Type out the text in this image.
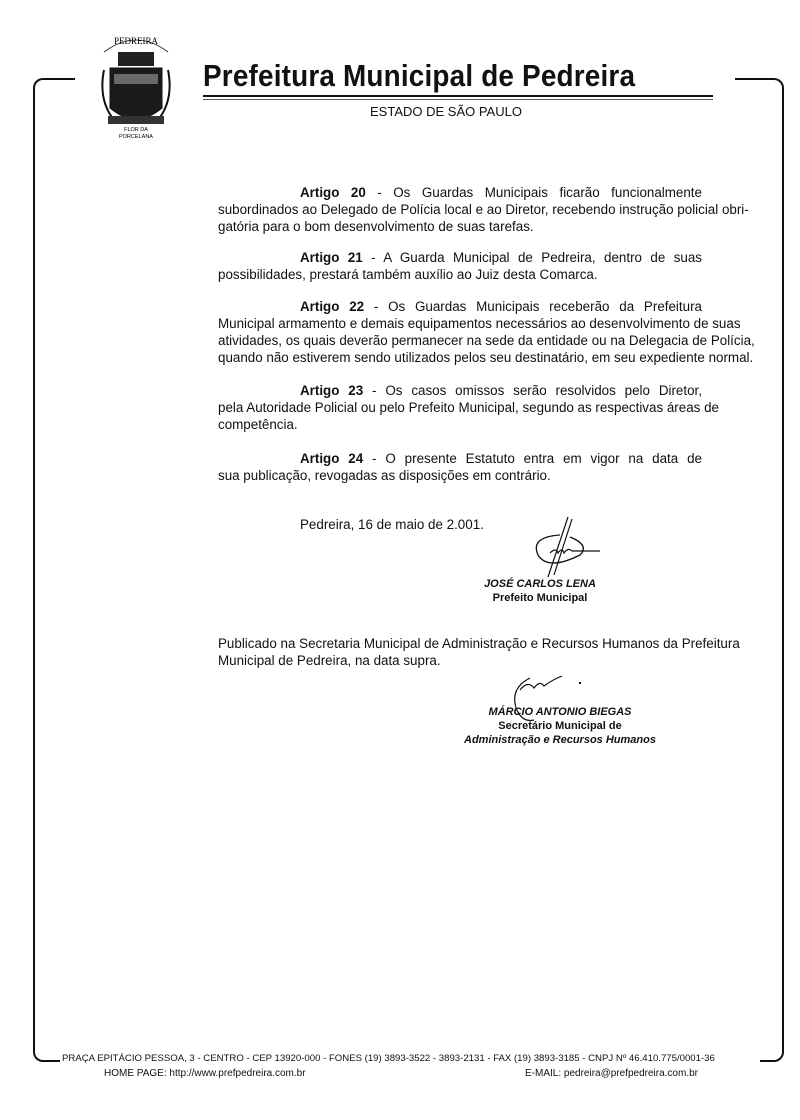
PEDREIRA
FLOR DA
PORCELANA
Prefeitura Municipal de Pedreira
ESTADO DE SÃO PAULO
Artigo 20 - Os Guardas Municipais ficarão funcionalmente
subordinados ao Delegado de Polícia local e ao Diretor, recebendo instrução policial obri-
gatória para o bom desenvolvimento de suas tarefas.
Artigo 21 - A Guarda Municipal de Pedreira, dentro de suas
possibilidades, prestará também auxílio ao Juiz desta Comarca.
Artigo 22 - Os Guardas Municipais receberão da Prefeitura
Municipal armamento e demais equipamentos necessários ao desenvolvimento de suas
atividades, os quais deverão permanecer na sede da entidade ou na Delegacia de Polícia,
quando não estiverem sendo utilizados pelos seu destinatário, em seu expediente normal.
Artigo 23 - Os casos omissos serão resolvidos pelo Diretor,
pela Autoridade Policial ou pelo Prefeito Municipal, segundo as respectivas áreas de
competência.
Artigo 24 - O presente Estatuto entra em vigor na data de
sua publicação, revogadas as disposições em contrário.
Pedreira, 16 de maio de 2.001.
JOSÉ CARLOS LENA
Prefeito Municipal
Publicado na Secretaria Municipal de Administração e Recursos Humanos da Prefeitura
Municipal de Pedreira, na data supra.
MÁRCIO ANTONIO BIEGAS
Secretário Municipal de
Administração e Recursos Humanos
PRAÇA EPITÁCIO PESSOA, 3 - CENTRO - CEP 13920-000 - FONES (19) 3893-3522 - 3893-2131 - FAX (19) 3893-3185 - CNPJ Nº 46.410.775/0001-36
HOME PAGE: http://www.prefpedreira.com.br	E-MAIL: pedreira@prefpedreira.com.br
